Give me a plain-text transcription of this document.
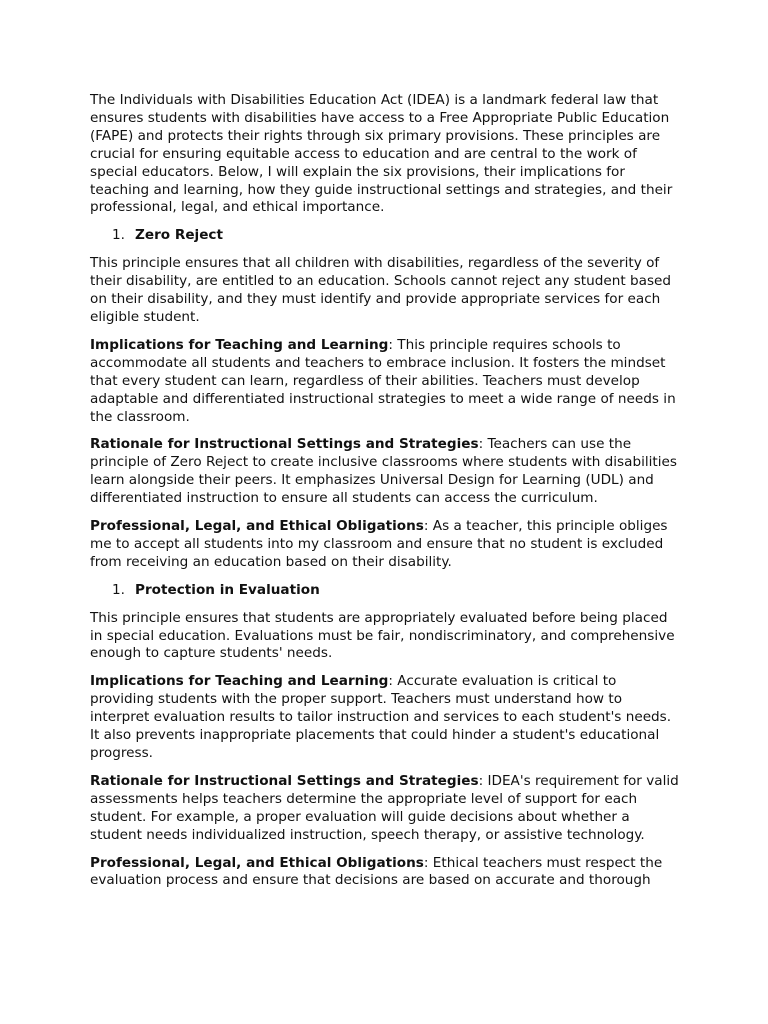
The Individuals with Disabilities Education Act (IDEA) is a landmark federal law that ensures students with disabilities have access to a Free Appropriate Public Education (FAPE) and protects their rights through six primary provisions. These principles are crucial for ensuring equitable access to education and are central to the work of special educators. Below, I will explain the six provisions, their implications for teaching and learning, how they guide instructional settings and strategies, and their professional, legal, and ethical importance.

1. Zero Reject

This principle ensures that all children with disabilities, regardless of the severity of their disability, are entitled to an education. Schools cannot reject any student based on their disability, and they must identify and provide appropriate services for each eligible student.

Implications for Teaching and Learning: This principle requires schools to accommodate all students and teachers to embrace inclusion. It fosters the mindset that every student can learn, regardless of their abilities. Teachers must develop adaptable and differentiated instructional strategies to meet a wide range of needs in the classroom.

Rationale for Instructional Settings and Strategies: Teachers can use the principle of Zero Reject to create inclusive classrooms where students with disabilities learn alongside their peers. It emphasizes Universal Design for Learning (UDL) and differentiated instruction to ensure all students can access the curriculum.

Professional, Legal, and Ethical Obligations: As a teacher, this principle obliges me to accept all students into my classroom and ensure that no student is excluded from receiving an education based on their disability.

1. Protection in Evaluation

This principle ensures that students are appropriately evaluated before being placed in special education. Evaluations must be fair, nondiscriminatory, and comprehensive enough to capture students' needs.

Implications for Teaching and Learning: Accurate evaluation is critical to providing students with the proper support. Teachers must understand how to interpret evaluation results to tailor instruction and services to each student's needs. It also prevents inappropriate placements that could hinder a student's educational progress.

Rationale for Instructional Settings and Strategies: IDEA's requirement for valid assessments helps teachers determine the appropriate level of support for each student. For example, a proper evaluation will guide decisions about whether a student needs individualized instruction, speech therapy, or assistive technology.

Professional, Legal, and Ethical Obligations: Ethical teachers must respect the evaluation process and ensure that decisions are based on accurate and thorough
